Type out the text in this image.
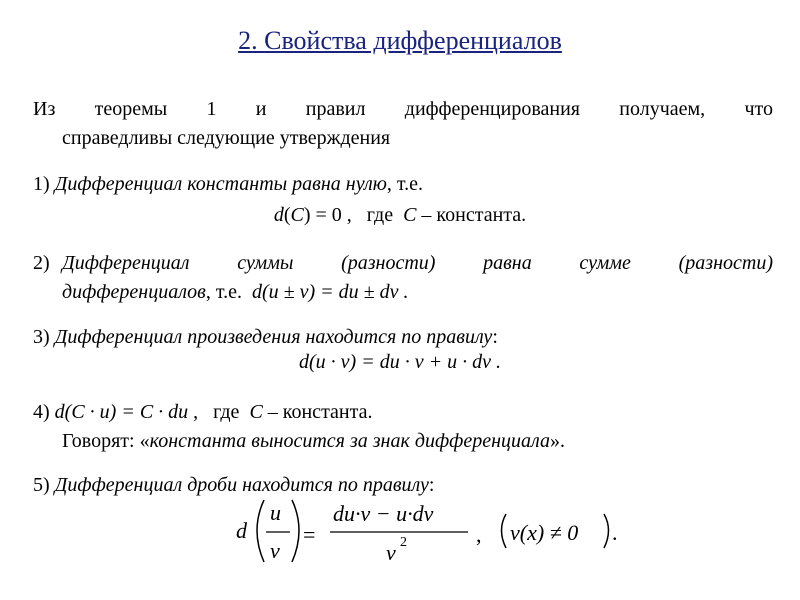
2. Свойства дифференциалов
Из теоремы 1 и правил дифференцирования получаем, что
справедливы следующие утверждения
1) Дифференциал константы равна нулю, т.е.
d(C) = 0 ,   где  C – константа.
2) Дифференциал суммы (разности) равна сумме (разности)
дифференциалов, т.е. d(u ± v) = du ± dv .
3) Дифференциал произведения находится по правилу:
d(u · v) = du · v + u · dv .
4) d(C · u) = C · du ,   где  C – константа.
Говорят: «константа выносится за знак дифференциала».
5) Дифференциал дроби находится по правилу:
d
u
v
=
du·v − u·dv
v 2	, v(x) ≠ 0 .
